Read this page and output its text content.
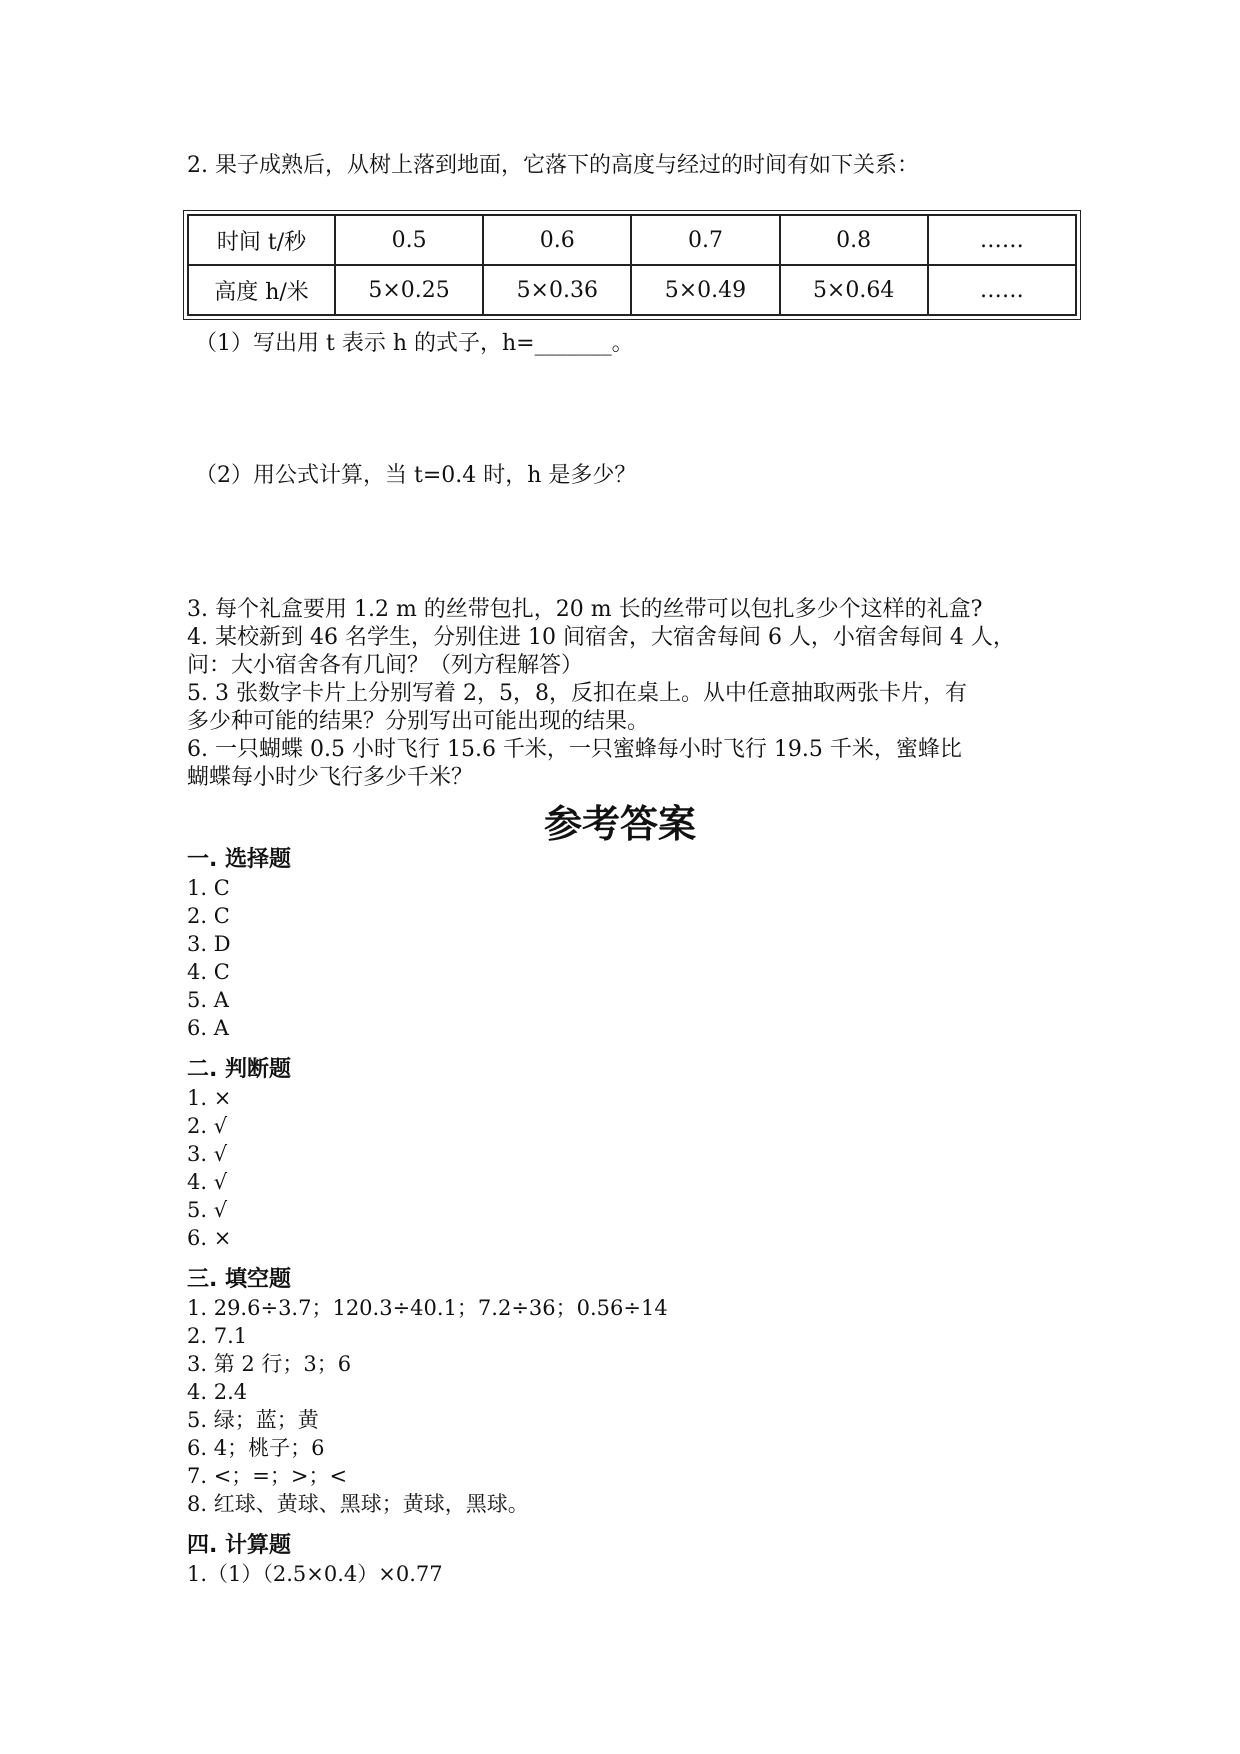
2. 果子成熟后，从树上落到地面，它落下的高度与经过的时间有如下关系：
时间 t/秒	0.5	0.6	0.7	0.8	……
高度 h/米	5×0.25	5×0.36	5×0.49	5×0.64	……
（1）写出用 t 表示 h 的式子，h=_______。
（2）用公式计算，当 t=0.4 时，h 是多少？
3. 每个礼盒要用 1.2 m 的丝带包扎，20 m 长的丝带可以包扎多少个这样的礼盒?
4. 某校新到 46 名学生，分别住进 10 间宿舍，大宿舍每间 6 人，小宿舍每间 4 人，
问：大小宿舍各有几间？（列方程解答）
5. 3 张数字卡片上分别写着 2，5，8，反扣在桌上。从中任意抽取两张卡片，有
多少种可能的结果？分别写出可能出现的结果。
6. 一只蝴蝶 0.5 小时飞行 15.6 千米，一只蜜蜂每小时飞行 19.5 千米，蜜蜂比
蝴蝶每小时少飞行多少千米？
参考答案
一. 选择题
1. C
2. C
3. D
4. C
5. A
6. A
二. 判断题
1. ×
2. √
3. √
4. √
5. √
6. ×
三. 填空题
1. 29.6÷3.7；120.3÷40.1；7.2÷36；0.56÷14
2. 7.1
3. 第 2 行；3；6
4. 2.4
5. 绿；蓝；黄
6. 4；桃子；6
7. <；=；>；<
8. 红球、黄球、黑球；黄球，黑球。
四. 计算题
1.（1）（2.5×0.4）×0.77
